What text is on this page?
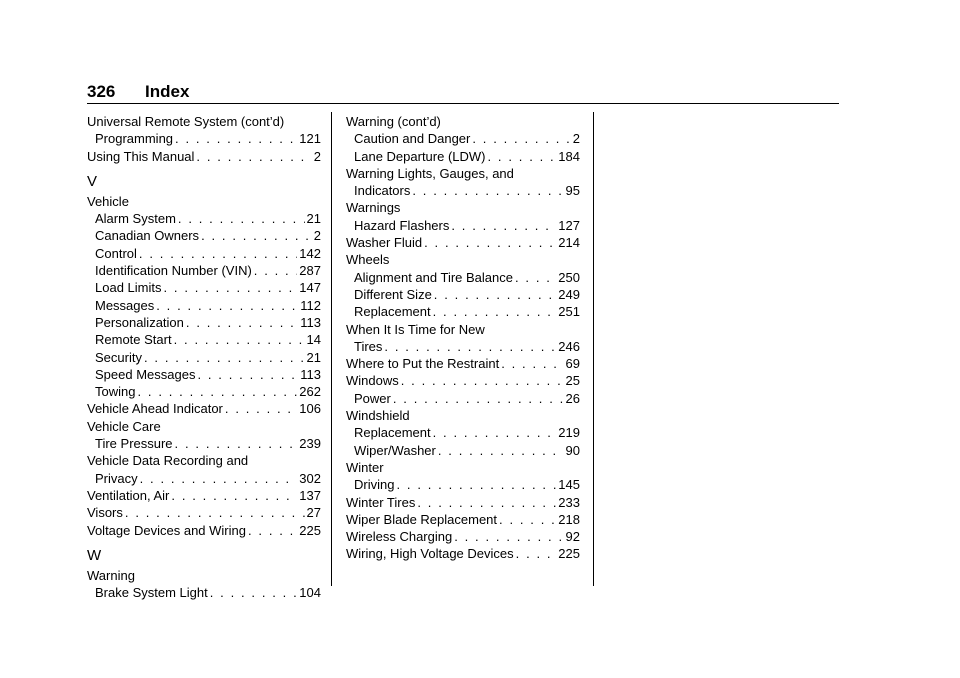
326 Index
Universal Remote System (cont’d)
Programming . . .	121
Using This Manual . . .	2
V
Vehicle
Alarm System . . .	21
Canadian Owners . . .	2
Control . . .	142
Identification Number (VIN) . . .	287
Load Limits . . .	147
Messages . . .	112
Personalization . . .	113
Remote Start . . .	14
Security . . .	21
Speed Messages . . .	113
Towing . . .	262
Vehicle Ahead Indicator . . .	106
Vehicle Care
Tire Pressure . . .	239
Vehicle Data Recording and
Privacy . . .	302
Ventilation, Air . . .	137
Visors . . .	27
Voltage Devices and Wiring . . .	225
W
Warning
Brake System Light . . .	104
Warning (cont’d)
Caution and Danger . . .	2
Lane Departure (LDW) . . .	184
Warning Lights, Gauges, and
Indicators . . .	95
Warnings
Hazard Flashers . . .	127
Washer Fluid . . .	214
Wheels
Alignment and Tire Balance . . .	250
Different Size . . .	249
Replacement . . .	251
When It Is Time for New
Tires . . .	246
Where to Put the Restraint . . .	69
Windows . . .	25
Power . . .	26
Windshield
Replacement . . .	219
Wiper/Washer . . .	90
Winter
Driving . . .	145
Winter Tires . . .	233
Wiper Blade Replacement . . .	218
Wireless Charging . . .	92
Wiring, High Voltage Devices . . .	225
